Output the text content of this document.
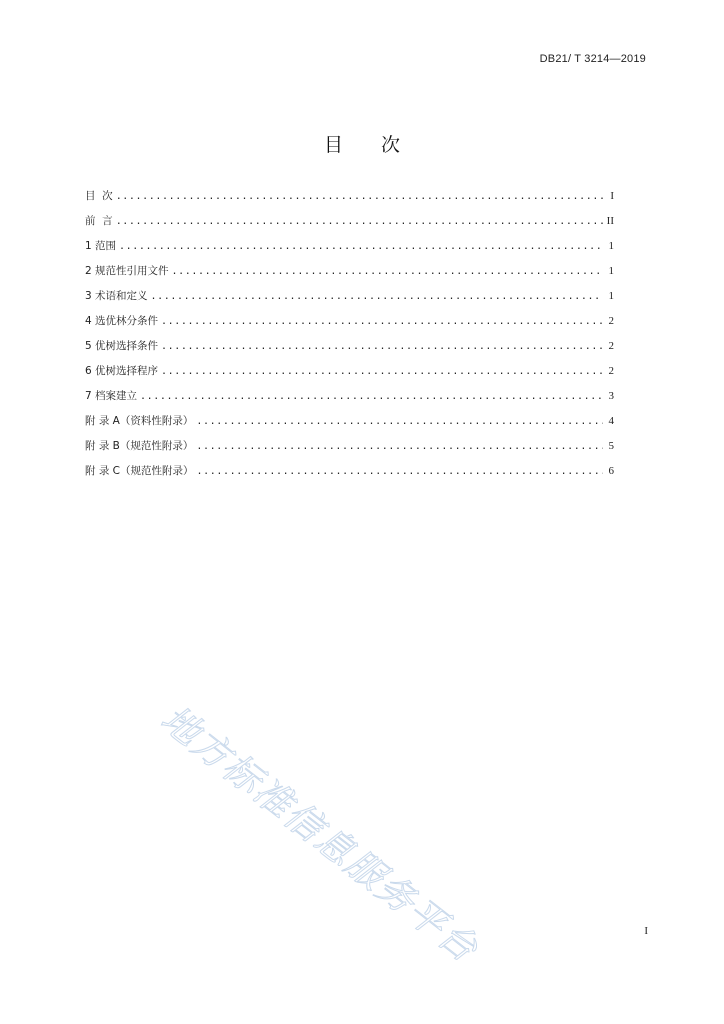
DB21/ T 3214—2019
目 次
目  次 .....	I
前  言 .....	II
1 范围 .....	1
2 规范性引用文件 .....	1
3 术语和定义 .....	1
4 选优林分条件 .....	2
5 优树选择条件 .....	2
6 优树选择程序 .....	2
7 档案建立 .....	3
附 录 A（资料性附录） .....	4
附 录 B（规范性附录） .....	5
附 录 C（规范性附录） .....	6
地方标准信息服务平台	I
